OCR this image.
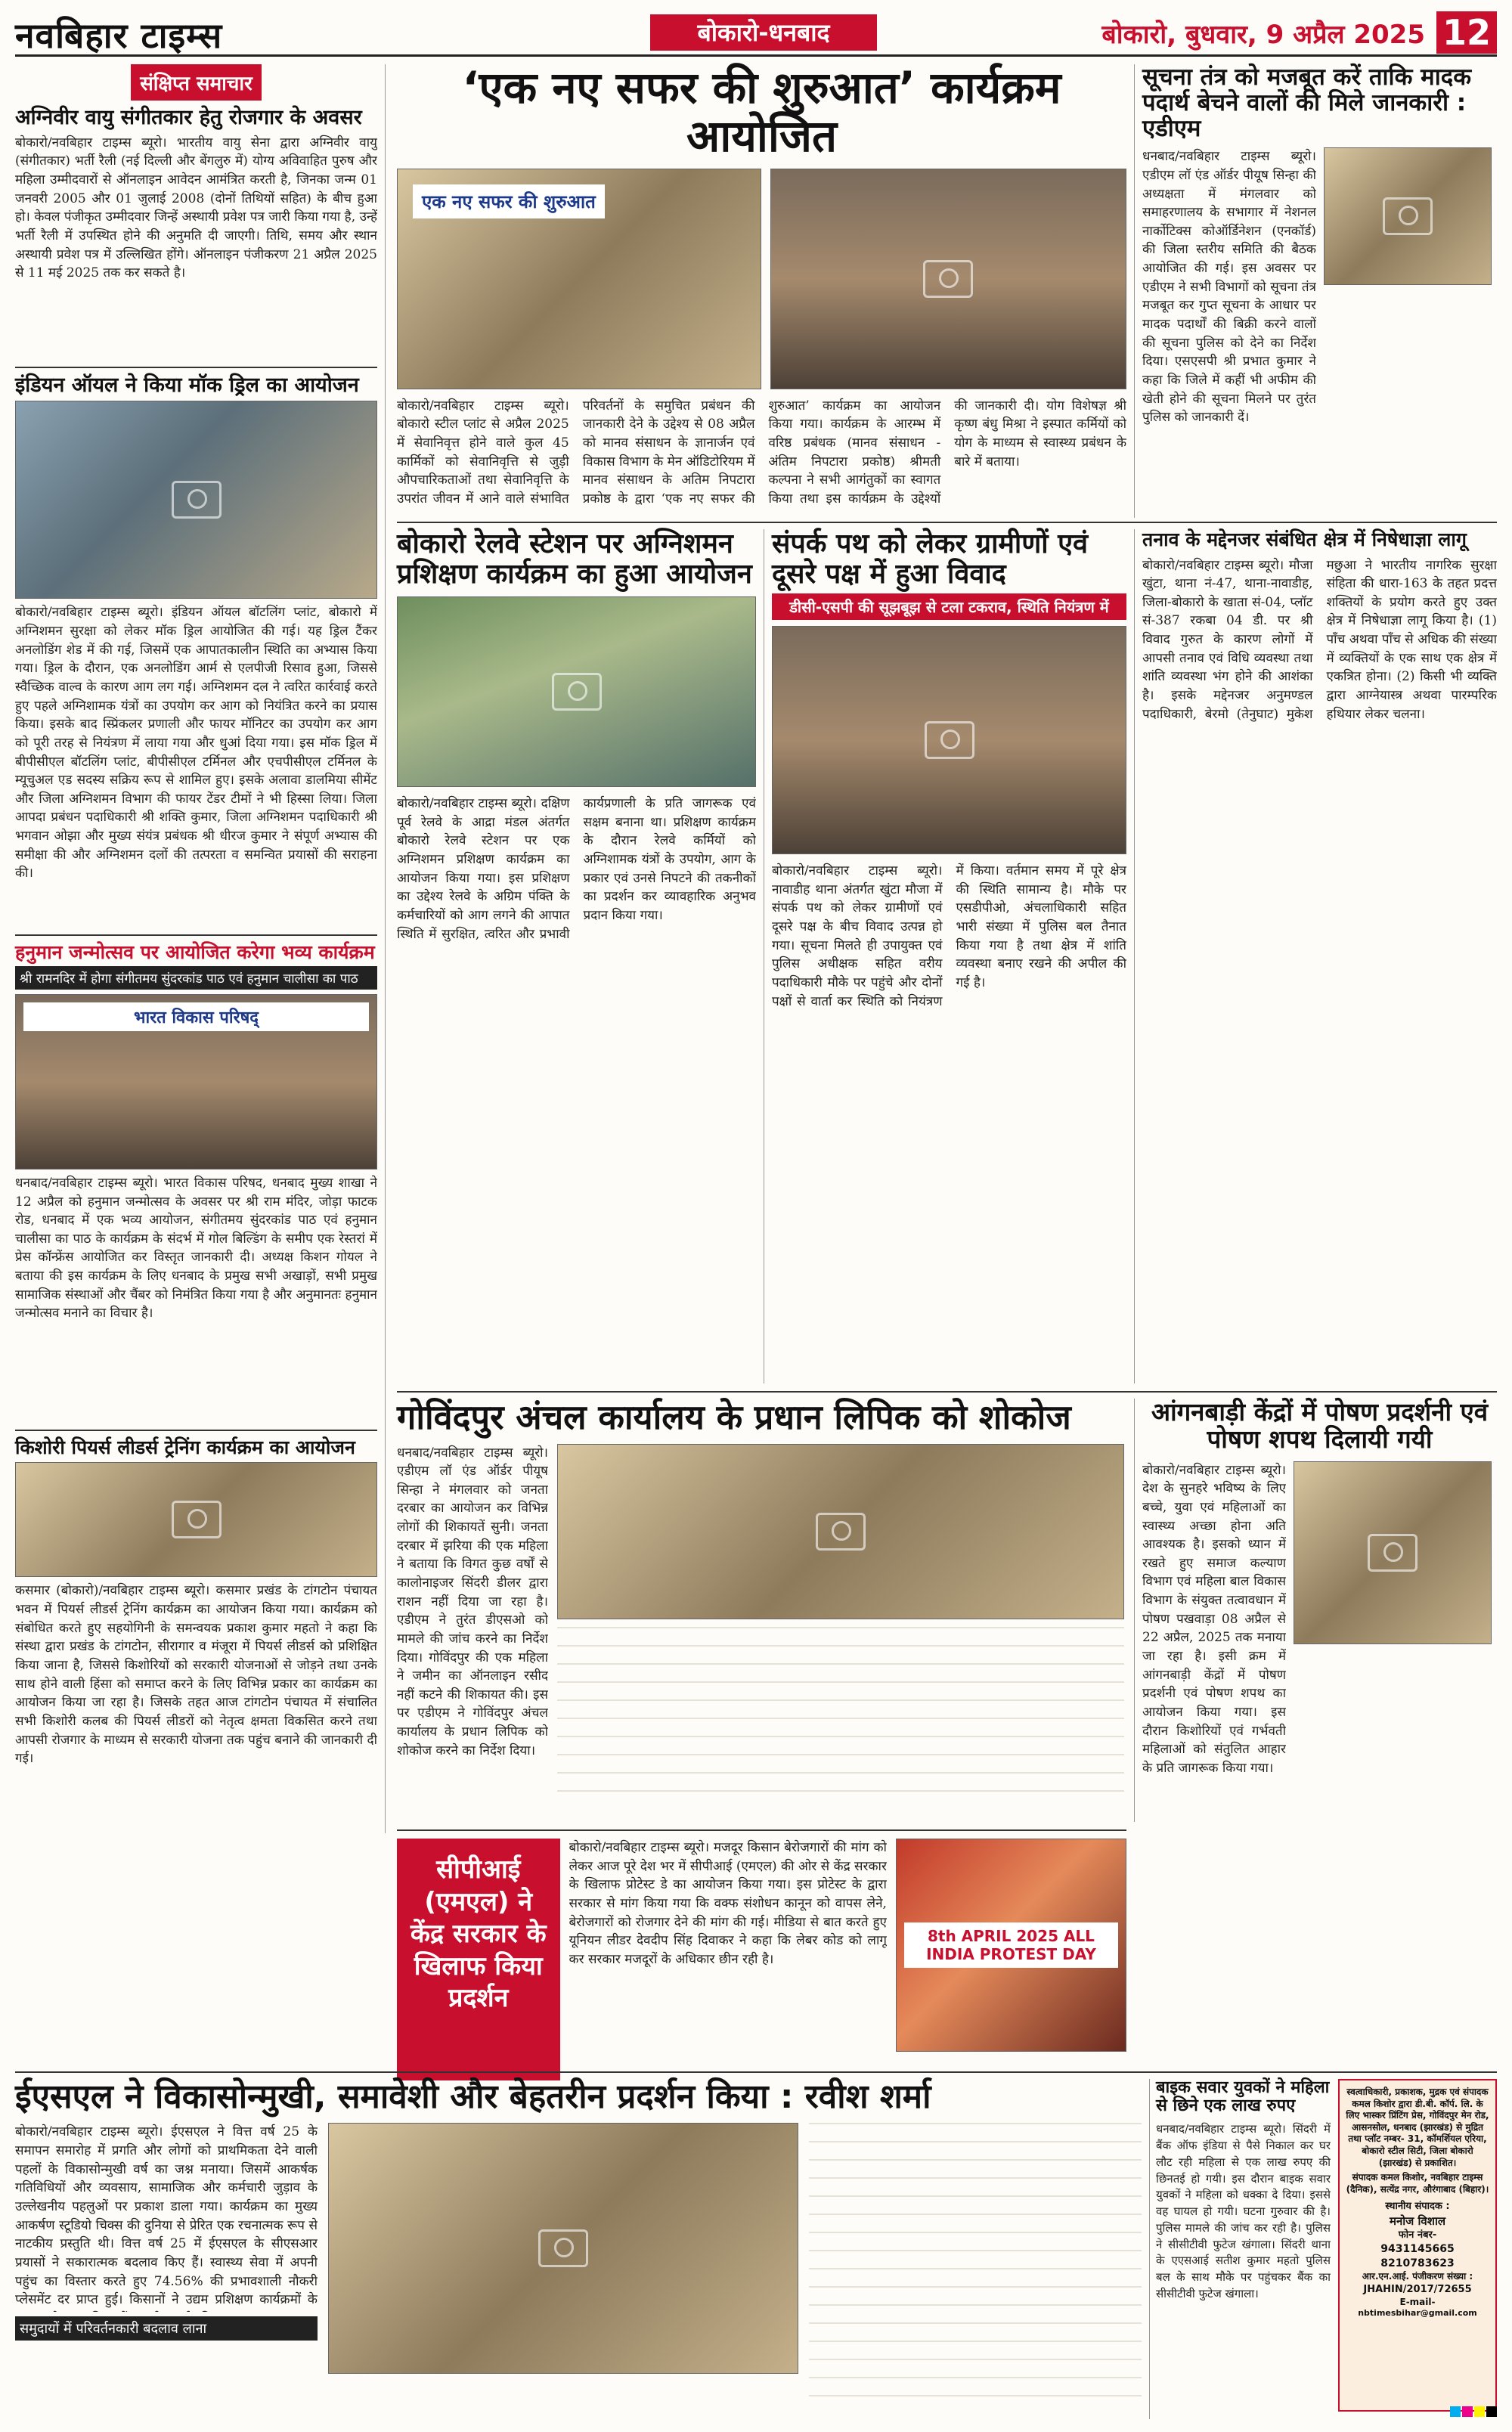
नवबिहार टाइम्स	बोकारो-धनबाद	बोकारो, बुधवार, 9 अप्रैल 2025 12
संक्षिप्त समाचार
अग्निवीर वायु संगीतकार हेतु रोजगार के अवसर

बोकारो/नवबिहार टाइम्स ब्यूरो। भारतीय वायु सेना द्वारा अग्निवीर वायु (संगीतकार) भर्ती रैली (नई दिल्ली और बेंगलुरु में) योग्य अविवाहित पुरुष और महिला उम्मीदवारों से ऑनलाइन आवेदन आमंत्रित करती है, जिनका जन्म 01 जनवरी 2005 और 01 जुलाई 2008 (दोनों तिथियों सहित) के बीच हुआ हो। केवल पंजीकृत उम्मीदवार जिन्हें अस्थायी प्रवेश पत्र जारी किया गया है, उन्हें भर्ती रैली में उपस्थित होने की अनुमति दी जाएगी। तिथि, समय और स्थान अस्थायी प्रवेश पत्र में उल्लिखित होंगे। ऑनलाइन पंजीकरण 21 अप्रैल 2025 से 11 मई 2025 तक कर सकते है।

इंडियन ऑयल ने किया मॉक ड्रिल का आयोजन

बोकारो/नवबिहार टाइम्स ब्यूरो। इंडियन ऑयल बॉटलिंग प्लांट, बोकारो में अग्निशमन सुरक्षा को लेकर मॉक ड्रिल आयोजित की गई। यह ड्रिल टैंकर अनलोडिंग शेड में की गई, जिसमें एक आपातकालीन स्थिति का अभ्यास किया गया। ड्रिल के दौरान, एक अनलोडिंग आर्म से एलपीजी रिसाव हुआ, जिससे स्वैच्छिक वाल्व के कारण आग लग गई। अग्निशमन दल ने त्वरित कार्रवाई करते हुए पहले अग्निशामक यंत्रों का उपयोग कर आग को नियंत्रित करने का प्रयास किया। इसके बाद स्प्रिंकलर प्रणाली और फायर मॉनिटर का उपयोग कर आग को पूरी तरह से नियंत्रण में लाया गया और धुआं दिया गया। इस मॉक ड्रिल में बीपीसीएल बॉटलिंग प्लांट, बीपीसीएल टर्मिनल और एचपीसीएल टर्मिनल के म्यूचुअल एड सदस्य सक्रिय रूप से शामिल हुए। इसके अलावा डालमिया सीमेंट और जिला अग्निशमन विभाग की फायर टेंडर टीमों ने भी हिस्सा लिया। जिला आपदा प्रबंधन पदाधिकारी श्री शक्ति कुमार, जिला अग्निशमन पदाधिकारी श्री भगवान ओझा और मुख्य संयंत्र प्रबंधक श्री धीरज कुमार ने संपूर्ण अभ्यास की समीक्षा की और अग्निशमन दलों की तत्परता व समन्वित प्रयासों की सराहना की।

हनुमान जन्मोत्सव पर आयोजित करेगा भव्य कार्यक्रम
श्री रामनदिर में होगा संगीतमय सुंदरकांड पाठ एवं हनुमान चालीसा का पाठ
भारत विकास परिषद्

धनबाद/नवबिहार टाइम्स ब्यूरो। भारत विकास परिषद, धनबाद मुख्य शाखा ने 12 अप्रैल को हनुमान जन्मोत्सव के अवसर पर श्री राम मंदिर, जोड़ा फाटक रोड, धनबाद में एक भव्य आयोजन, संगीतमय सुंदरकांड पाठ एवं हनुमान चालीसा का पाठ के कार्यक्रम के संदर्भ में गोल बिल्डिंग के समीप एक रेस्तरां में प्रेस कॉन्फ्रेंस आयोजित कर विस्तृत जानकारी दी। अध्यक्ष किशन गोयल ने बताया की इस कार्यक्रम के लिए धनबाद के प्रमुख सभी अखाड़ों, सभी प्रमुख सामाजिक संस्थाओं और चैंबर को निमंत्रित किया गया है और अनुमानतः हनुमान जन्मोत्सव मनाने का विचार है।

किशोरी पियर्स लीडर्स ट्रेनिंग कार्यक्रम का आयोजन

कसमार (बोकारो)/नवबिहार टाइम्स ब्यूरो। कसमार प्रखंड के टांगटोन पंचायत भवन में पियर्स लीडर्स ट्रेनिंग कार्यक्रम का आयोजन किया गया। कार्यक्रम को संबोधित करते हुए सहयोगिनी के समन्वयक प्रकाश कुमार महतो ने कहा कि संस्था द्वारा प्रखंड के टांगटोन, सीरागार व मंजूरा में पियर्स लीडर्स को प्रशिक्षित किया जाना है, जिससे किशोरियों को सरकारी योजनाओं से जोड़ने तथा उनके साथ होने वाली हिंसा को समाप्त करने के लिए विभिन्न प्रकार का कार्यक्रम का आयोजन किया जा रहा है। जिसके तहत आज टांगटोन पंचायत में संचालित सभी किशोरी कलब की पियर्स लीडरों को नेतृत्व क्षमता विकसित करने तथा आपसी रोजगार के माध्यम से सरकारी योजना तक पहुंच बनाने की जानकारी दी गई।

‘एक नए सफर की शुरुआत’ कार्यक्रम आयोजित
एक नए सफर की शुरुआत

बोकारो/नवबिहार टाइम्स ब्यूरो। बोकारो स्टील प्लांट से अप्रैल 2025 में सेवानिवृत्त होने वाले कुल 45 कार्मिकों को सेवानिवृत्ति से जुड़ी औपचारिकताओं तथा सेवानिवृत्ति के उपरांत जीवन में आने वाले संभावित परिवर्तनों के समुचित प्रबंधन की जानकारी देने के उद्देश्य से 08 अप्रैल को मानव संसाधन के ज्ञानार्जन एवं विकास विभाग के मेन ऑडिटोरियम में मानव संसाधन के अतिम निपटारा प्रकोष्ठ के द्वारा ‘एक नए सफर की शुरुआत’ कार्यक्रम का आयोजन किया गया। कार्यक्रम के आरम्भ में वरिष्ठ प्रबंधक (मानव संसाधन - अंतिम निपटारा प्रकोष्ठ) श्रीमती कल्पना ने सभी आगंतुकों का स्वागत किया तथा इस कार्यक्रम के उद्देश्यों की जानकारी दी। योग विशेषज्ञ श्री कृष्ण बंधु मिश्रा ने इस्पात कर्मियों को योग के माध्यम से स्वास्थ्य प्रबंधन के बारे में बताया।

सूचना तंत्र को मजबूत करें ताकि मादक पदार्थ बेचने वालों की मिले जानकारी : एडीएम

धनबाद/नवबिहार टाइम्स ब्यूरो। एडीएम लॉ एंड ऑर्डर पीयूष सिन्हा की अध्यक्षता में मंगलवार को समाहरणालय के सभागार में नेशनल नार्कोटिक्स कोऑर्डिनेशन (एनकॉर्ड) की जिला स्तरीय समिति की बैठक आयोजित की गई। इस अवसर पर एडीएम ने सभी विभागों को सूचना तंत्र मजबूत कर गुप्त सूचना के आधार पर मादक पदार्थों की बिक्री करने वालों की सूचना पुलिस को देने का निर्देश दिया। एसएसपी श्री प्रभात कुमार ने कहा कि जिले में कहीं भी अफीम की खेती होने की सूचना मिलने पर तुरंत पुलिस को जानकारी दें।

बोकारो रेलवे स्टेशन पर अग्निशमन प्रशिक्षण कार्यक्रम का हुआ आयोजन

बोकारो/नवबिहार टाइम्स ब्यूरो। दक्षिण पूर्व रेलवे के आद्रा मंडल अंतर्गत बोकारो रेलवे स्टेशन पर एक अग्निशमन प्रशिक्षण कार्यक्रम का आयोजन किया गया। इस प्रशिक्षण का उद्देश्य रेलवे के अग्रिम पंक्ति के कर्मचारियों को आग लगने की आपात स्थिति में सुरक्षित, त्वरित और प्रभावी कार्यप्रणाली के प्रति जागरूक एवं सक्षम बनाना था। प्रशिक्षण कार्यक्रम के दौरान रेलवे कर्मियों को अग्निशामक यंत्रों के उपयोग, आग के प्रकार एवं उनसे निपटने की तकनीकों का प्रदर्शन कर व्यावहारिक अनुभव प्रदान किया गया।

संपर्क पथ को लेकर ग्रामीणों एवं दूसरे पक्ष में हुआ विवाद
डीसी-एसपी की सूझबूझ से टला टकराव, स्थिति नियंत्रण में

बोकारो/नवबिहार टाइम्स ब्यूरो। नावाडीह थाना अंतर्गत खुंटा मौजा में संपर्क पथ को लेकर ग्रामीणों एवं दूसरे पक्ष के बीच विवाद उत्पन्न हो गया। सूचना मिलते ही उपायुक्त एवं पुलिस अधीक्षक सहित वरीय पदाधिकारी मौके पर पहुंचे और दोनों पक्षों से वार्ता कर स्थिति को नियंत्रण में किया। वर्तमान समय में पूरे क्षेत्र की स्थिति सामान्य है। मौके पर एसडीपीओ, अंचलाधिकारी सहित भारी संख्या में पुलिस बल तैनात किया गया है तथा क्षेत्र में शांति व्यवस्था बनाए रखने की अपील की गई है।

तनाव के मद्देनजर संबंधित क्षेत्र में निषेधाज्ञा लागू

बोकारो/नवबिहार टाइम्स ब्यूरो। मौजा खुंटा, थाना नं-47, थाना-नावाडीह, जिला-बोकारो के खाता सं-04, प्लॉट सं-387 रकबा 04 डी. पर श्री विवाद गुरुत के कारण लोगों में आपसी तनाव एवं विधि व्यवस्था तथा शांति व्यवस्था भंग होने की आशंका है। इसके मद्देनजर अनुमण्डल पदाधिकारी, बेरमो (तेनुघाट) मुकेश मछुआ ने भारतीय नागरिक सुरक्षा संहिता की धारा-163 के तहत प्रदत्त शक्तियों के प्रयोग करते हुए उक्त क्षेत्र में निषेधाज्ञा लागू किया है। (1) पाँच अथवा पाँच से अधिक की संख्या में व्यक्तियों के एक साथ एक क्षेत्र में एकत्रित होना। (2) किसी भी व्यक्ति द्वारा आग्नेयास्त्र अथवा पारम्परिक हथियार लेकर चलना।

गोविंदपुर अंचल कार्यालय के प्रधान लिपिक को शोकोज

धनबाद/नवबिहार टाइम्स ब्यूरो। एडीएम लॉ एंड ऑर्डर पीयूष सिन्हा ने मंगलवार को जनता दरबार का आयोजन कर विभिन्न लोगों की शिकायतें सुनी। जनता दरबार में झरिया की एक महिला ने बताया कि विगत कुछ वर्षों से कालोनाइजर सिंदरी डीलर द्वारा राशन नहीं दिया जा रहा है। एडीएम ने तुरंत डीएसओ को मामले की जांच करने का निर्देश दिया। गोविंदपुर की एक महिला ने जमीन का ऑनलाइन रसीद नहीं कटने की शिकायत की। इस पर एडीएम ने गोविंदपुर अंचल कार्यालय के प्रधान लिपिक को शोकोज करने का निर्देश दिया।

आंगनबाड़ी केंद्रों में पोषण प्रदर्शनी एवं पोषण शपथ दिलायी गयी

बोकारो/नवबिहार टाइम्स ब्यूरो। देश के सुनहरे भविष्य के लिए बच्चे, युवा एवं महिलाओं का स्वास्थ्य अच्छा होना अति आवश्यक है। इसको ध्यान में रखते हुए समाज कल्याण विभाग एवं महिला बाल विकास विभाग के संयुक्त तत्वावधान में पोषण पखवाड़ा 08 अप्रैल से 22 अप्रैल, 2025 तक मनाया जा रहा है। इसी क्रम में आंगनबाड़ी केंद्रों में पोषण प्रदर्शनी एवं पोषण शपथ का आयोजन किया गया। इस दौरान किशोरियों एवं गर्भवती महिलाओं को संतुलित आहार के प्रति जागरूक किया गया।

सीपीआई (एमएल) ने केंद्र सरकार के खिलाफ किया प्रदर्शन

बोकारो/नवबिहार टाइम्स ब्यूरो। मजदूर किसान बेरोजगारों की मांग को लेकर आज पूरे देश भर में सीपीआई (एमएल) की ओर से केंद्र सरकार के खिलाफ प्रोटेस्ट डे का आयोजन किया गया। इस प्रोटेस्ट के द्वारा सरकार से मांग किया गया कि वक्फ संशोधन कानून को वापस लेने, बेरोजगारों को रोजगार देने की मांग की गई। मीडिया से बात करते हुए यूनियन लीडर देवदीप सिंह दिवाकर ने कहा कि लेबर कोड को लागू कर सरकार मजदूरों के अधिकार छीन रही है।

8th APRIL 2025 ALL INDIA PROTEST DAY
ईएसएल ने विकासोन्मुखी, समावेशी और बेहतरीन प्रदर्शन किया : रवीश शर्मा

बोकारो/नवबिहार टाइम्स ब्यूरो। ईएसएल ने वित्त वर्ष 25 के समापन समारोह में प्रगति और लोगों को प्राथमिकता देने वाली पहलों के विकासोन्मुखी वर्ष का जश्न मनाया। जिसमें आकर्षक गतिविधियों और व्यवसाय, सामाजिक और कर्मचारी जुड़ाव के उल्लेखनीय पहलुओं पर प्रकाश डाला गया। कार्यक्रम का मुख्य आकर्षण स्टूडियो चिक्स की दुनिया से प्रेरित एक रचनात्मक रूप से नाटकीय प्रस्तुति थी। वित्त वर्ष 25 में ईएसएल के सीएसआर प्रयासों ने सकारात्मक बदलाव किए हैं। स्वास्थ्य सेवा में अपनी पहुंच का विस्तार करते हुए 74.56% की प्रभावशाली नौकरी प्लेसमेंट दर प्राप्त हुई। किसानों ने उद्यम प्रशिक्षण कार्यक्रमों के

समुदायों में परिवर्तनकारी बदलाव लाना
बाइक सवार युवकों ने महिला से छिने एक लाख रुपए

धनबाद/नवबिहार टाइम्स ब्यूरो। सिंदरी में बैंक ऑफ इंडिया से पैसे निकाल कर घर लौट रही महिला से एक लाख रुपए की छिनतई हो गयी। इस दौरान बाइक सवार युवकों ने महिला को धक्का दे दिया। इससे वह घायल हो गयी। घटना गुरुवार की है। पुलिस मामले की जांच कर रही है। पुलिस ने सीसीटीवी फुटेज खंगाला। सिंदरी थाना के एएसआई सतीश कुमार महतो पुलिस बल के साथ मौके पर पहुंचकर बैंक का सीसीटीवी फुटेज खंगाला।

स्वत्वाधिकारी, प्रकाशक, मुद्रक एवं संपादक कमल किशोर द्वारा डी.बी. कॉर्प. लि. के लिए भास्कर प्रिंटिंग प्रेस, गोविंदपुर मेन रोड, आसनसोल, धनबाद (झारखंड) से मुद्रित तथा प्लॉट नम्बर- 31, कॉमर्शियल एरिया, बोकारो स्टील सिटी, जिला बोकारो (झारखंड) से प्रकाशित।
संपादक कमल किशोर, नवबिहार टाइम्स (दैनिक), सत्येंद्र नगर, औरंगाबाद (बिहार)।
स्थानीय संपादक :
मनोज विशाल
फोन नंबर-
9431145665
8210783623
आर.एन.आई. पंजीकरण संख्या :
JHAHIN/2017/72655
E-mail-
nbtimesbihar@gmail.com
